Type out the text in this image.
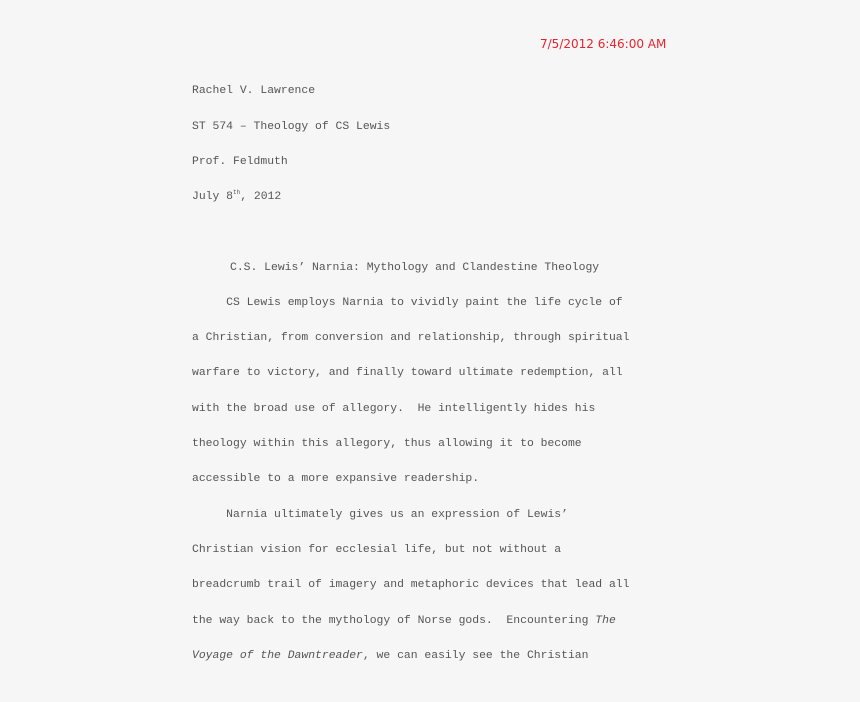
7/5/2012 6:46:00 AM

Rachel V. Lawrence

ST 574 – Theology of CS Lewis

Prof. Feldmuth

July 8th, 2012

C.S. Lewis’ Narnia: Mythology and Clandestine Theology

CS Lewis employs Narnia to vividly paint the life cycle of

a Christian, from conversion and relationship, through spiritual

warfare to victory, and finally toward ultimate redemption, all

with the broad use of allegory.  He intelligently hides his

theology within this allegory, thus allowing it to become

accessible to a more expansive readership.

Narnia ultimately gives us an expression of Lewis’

Christian vision for ecclesial life, but not without a

breadcrumb trail of imagery and metaphoric devices that lead all

the way back to the mythology of Norse gods.  Encountering The

Voyage of the Dawntreader, we can easily see the Christian
